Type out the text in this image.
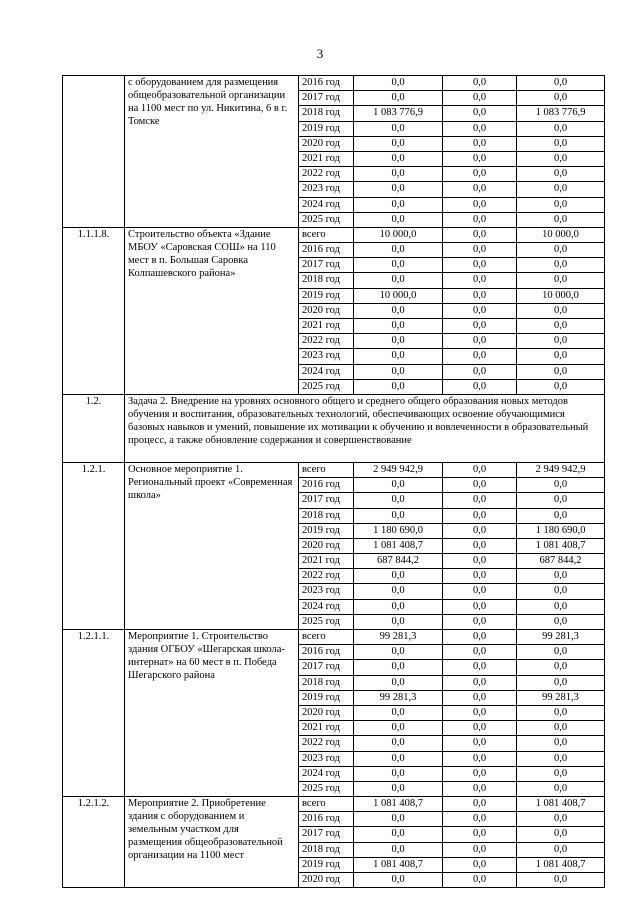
3
	с оборудованием для размещения общеобразовательной организации на 1100 мест по ул. Никитина, 6 в г. Томске	2016 год	0,0	0,0	0,0
		2017 год	0,0	0,0	0,0
		2018 год	1 083 776,9	0,0	1 083 776,9
		2019 год	0,0	0,0	0,0
		2020 год	0,0	0,0	0,0
		2021 год	0,0	0,0	0,0
		2022 год	0,0	0,0	0,0
		2023 год	0,0	0,0	0,0
		2024 год	0,0	0,0	0,0
		2025 год	0,0	0,0	0,0
1.1.1.8.	Строительство объекта «Здание МБОУ «Саровская СОШ» на 110 мест в п. Большая Саровка Колпашевского района»	всего	10 000,0	0,0	10 000,0
		2016 год	0,0	0,0	0,0
		2017 год	0,0	0,0	0,0
		2018 год	0,0	0,0	0,0
		2019 год	10 000,0	0,0	10 000,0
		2020 год	0,0	0,0	0,0
		2021 год	0,0	0,0	0,0
		2022 год	0,0	0,0	0,0
		2023 год	0,0	0,0	0,0
		2024 год	0,0	0,0	0,0
		2025 год	0,0	0,0	0,0
1.2.	Задача 2. Внедрение на уровнях основного общего и среднего общего образования новых методов обучения и воспитания, образовательных технологий, обеспечивающих освоение обучающимися базовых навыков и умений, повышение их мотивации к обучению и вовлеченности в образовательный процесс, а также обновление содержания и совершенствование				
1.2.1.	Основное мероприятие 1. Региональный проект «Современная школа»	всего	2 949 942,9	0,0	2 949 942,9
		2016 год	0,0	0,0	0,0
		2017 год	0,0	0,0	0,0
		2018 год	0,0	0,0	0,0
		2019 год	1 180 690,0	0,0	1 180 690,0
		2020 год	1 081 408,7	0,0	1 081 408,7
		2021 год	687 844,2	0,0	687 844,2
		2022 год	0,0	0,0	0,0
		2023 год	0,0	0,0	0,0
		2024 год	0,0	0,0	0,0
		2025 год	0,0	0,0	0,0
1.2.1.1.	Мероприятие 1. Строительство здания ОГБОУ «Шегарская школа-интернат» на 60 мест в п. Победа Шегарского района	всего	99 281,3	0,0	99 281,3
		2016 год	0,0	0,0	0,0
		2017 год	0,0	0,0	0,0
		2018 год	0,0	0,0	0,0
		2019 год	99 281,3	0,0	99 281,3
		2020 год	0,0	0,0	0,0
		2021 год	0,0	0,0	0,0
		2022 год	0,0	0,0	0,0
		2023 год	0,0	0,0	0,0
		2024 год	0,0	0,0	0,0
		2025 год	0,0	0,0	0,0
1.2.1.2.	Мероприятие 2. Приобретение здания с оборудованием и земельным участком для размещения общеобразовательной организации на 1100 мест	всего	1 081 408,7	0,0	1 081 408,7
		2016 год	0,0	0,0	0,0
		2017 год	0,0	0,0	0,0
		2018 год	0,0	0,0	0,0
		2019 год	1 081 408,7	0,0	1 081 408,7
		2020 год	0,0	0,0	0,0
